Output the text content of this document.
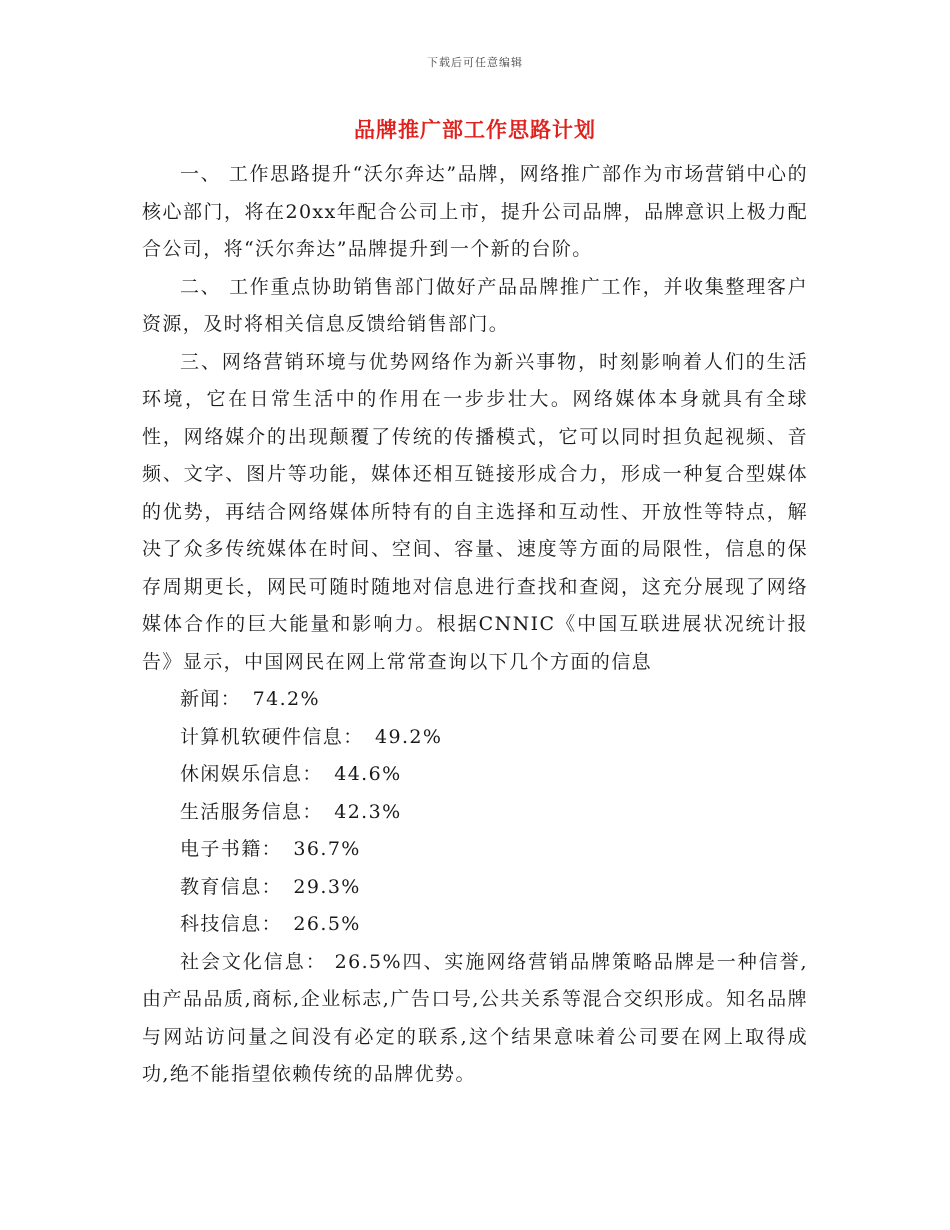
下载后可任意编辑
品牌推广部工作思路计划

一、 工作思路提升“沃尔奔达”品牌，网络推广部作为市场营销中心的核心部门，将在20xx年配合公司上市，提升公司品牌，品牌意识上极力配合公司，将“沃尔奔达”品牌提升到一个新的台阶。

二、 工作重点协助销售部门做好产品品牌推广工作，并收集整理客户资源，及时将相关信息反馈给销售部门。

三、网络营销环境与优势网络作为新兴事物，时刻影响着人们的生活环境，它在日常生活中的作用在一步步壮大。网络媒体本身就具有全球性，网络媒介的出现颠覆了传统的传播模式，它可以同时担负起视频、音频、文字、图片等功能，媒体还相互链接形成合力，形成一种复合型媒体的优势，再结合网络媒体所特有的自主选择和互动性、开放性等特点，解决了众多传统媒体在时间、空间、容量、速度等方面的局限性，信息的保存周期更长，网民可随时随地对信息进行查找和查阅，这充分展现了网络媒体合作的巨大能量和影响力。根据CNNIC《中国互联进展状况统计报告》显示，中国网民在网上常常查询以下几个方面的信息

新闻： 74.2%
计算机软硬件信息： 49.2%
休闲娱乐信息： 44.6%
生活服务信息： 42.3%
电子书籍： 36.7%
教育信息： 29.3%
科技信息： 26.5%

社会文化信息： 26.5%四、实施网络营销品牌策略品牌是一种信誉,由产品品质,商标,企业标志,广告口号,公共关系等混合交织形成。知名品牌与网站访问量之间没有必定的联系,这个结果意味着公司要在网上取得成功,绝不能指望依赖传统的品牌优势。
